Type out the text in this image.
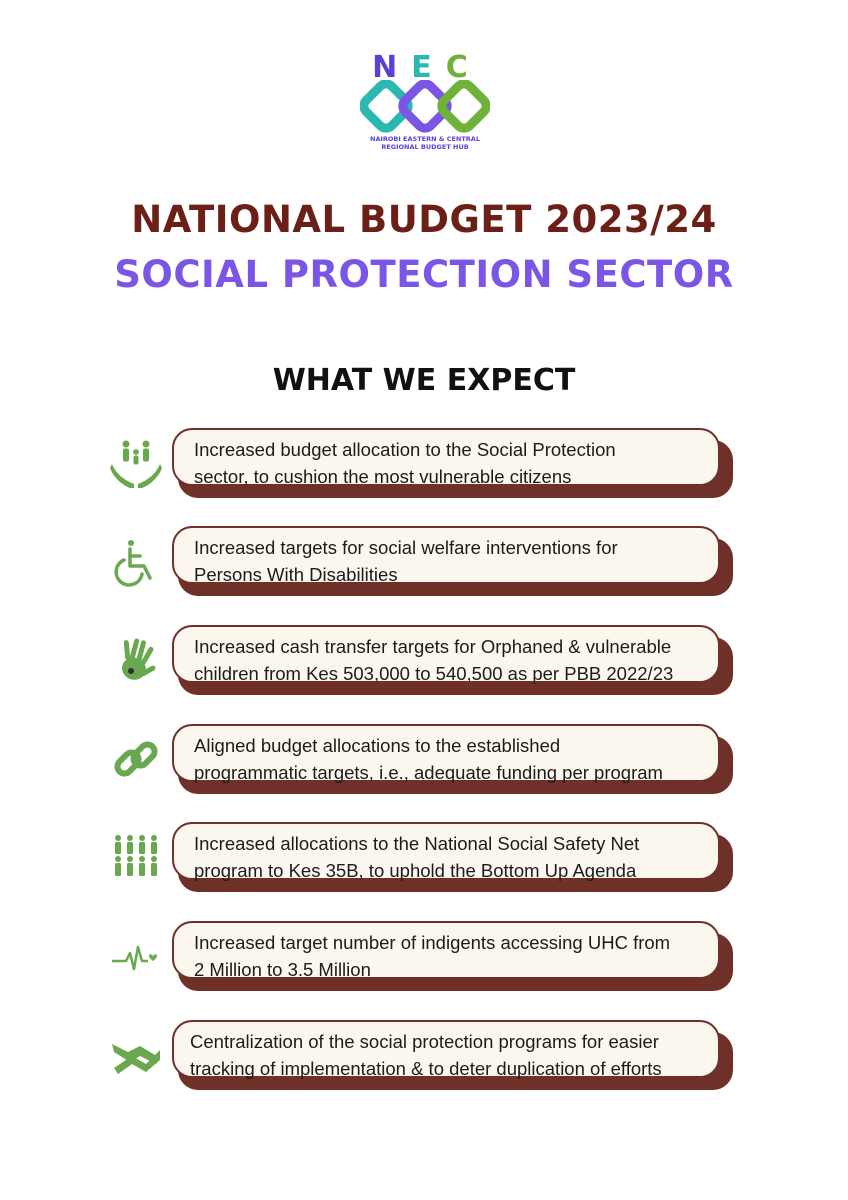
NEC
NAIROBI EASTERN & CENTRAL
REGIONAL BUDGET HUB
NATIONAL BUDGET 2023/24
SOCIAL PROTECTION SECTOR
WHAT WE EXPECT
Increased budget allocation to the Social Protection
sector, to cushion the most vulnerable citizens
Increased targets for social welfare interventions for
Persons With Disabilities
Increased cash transfer targets for Orphaned & vulnerable
children from Kes 503,000 to 540,500 as per PBB 2022/23
Aligned budget allocations to the established
programmatic targets, i.e., adequate funding per program
Increased allocations to the National Social Safety Net
program to Kes 35B, to uphold the Bottom Up Agenda
Increased target number of indigents accessing UHC from
2 Million to 3.5 Million
Centralization of the social protection programs for easier
tracking of implementation & to deter duplication of efforts
